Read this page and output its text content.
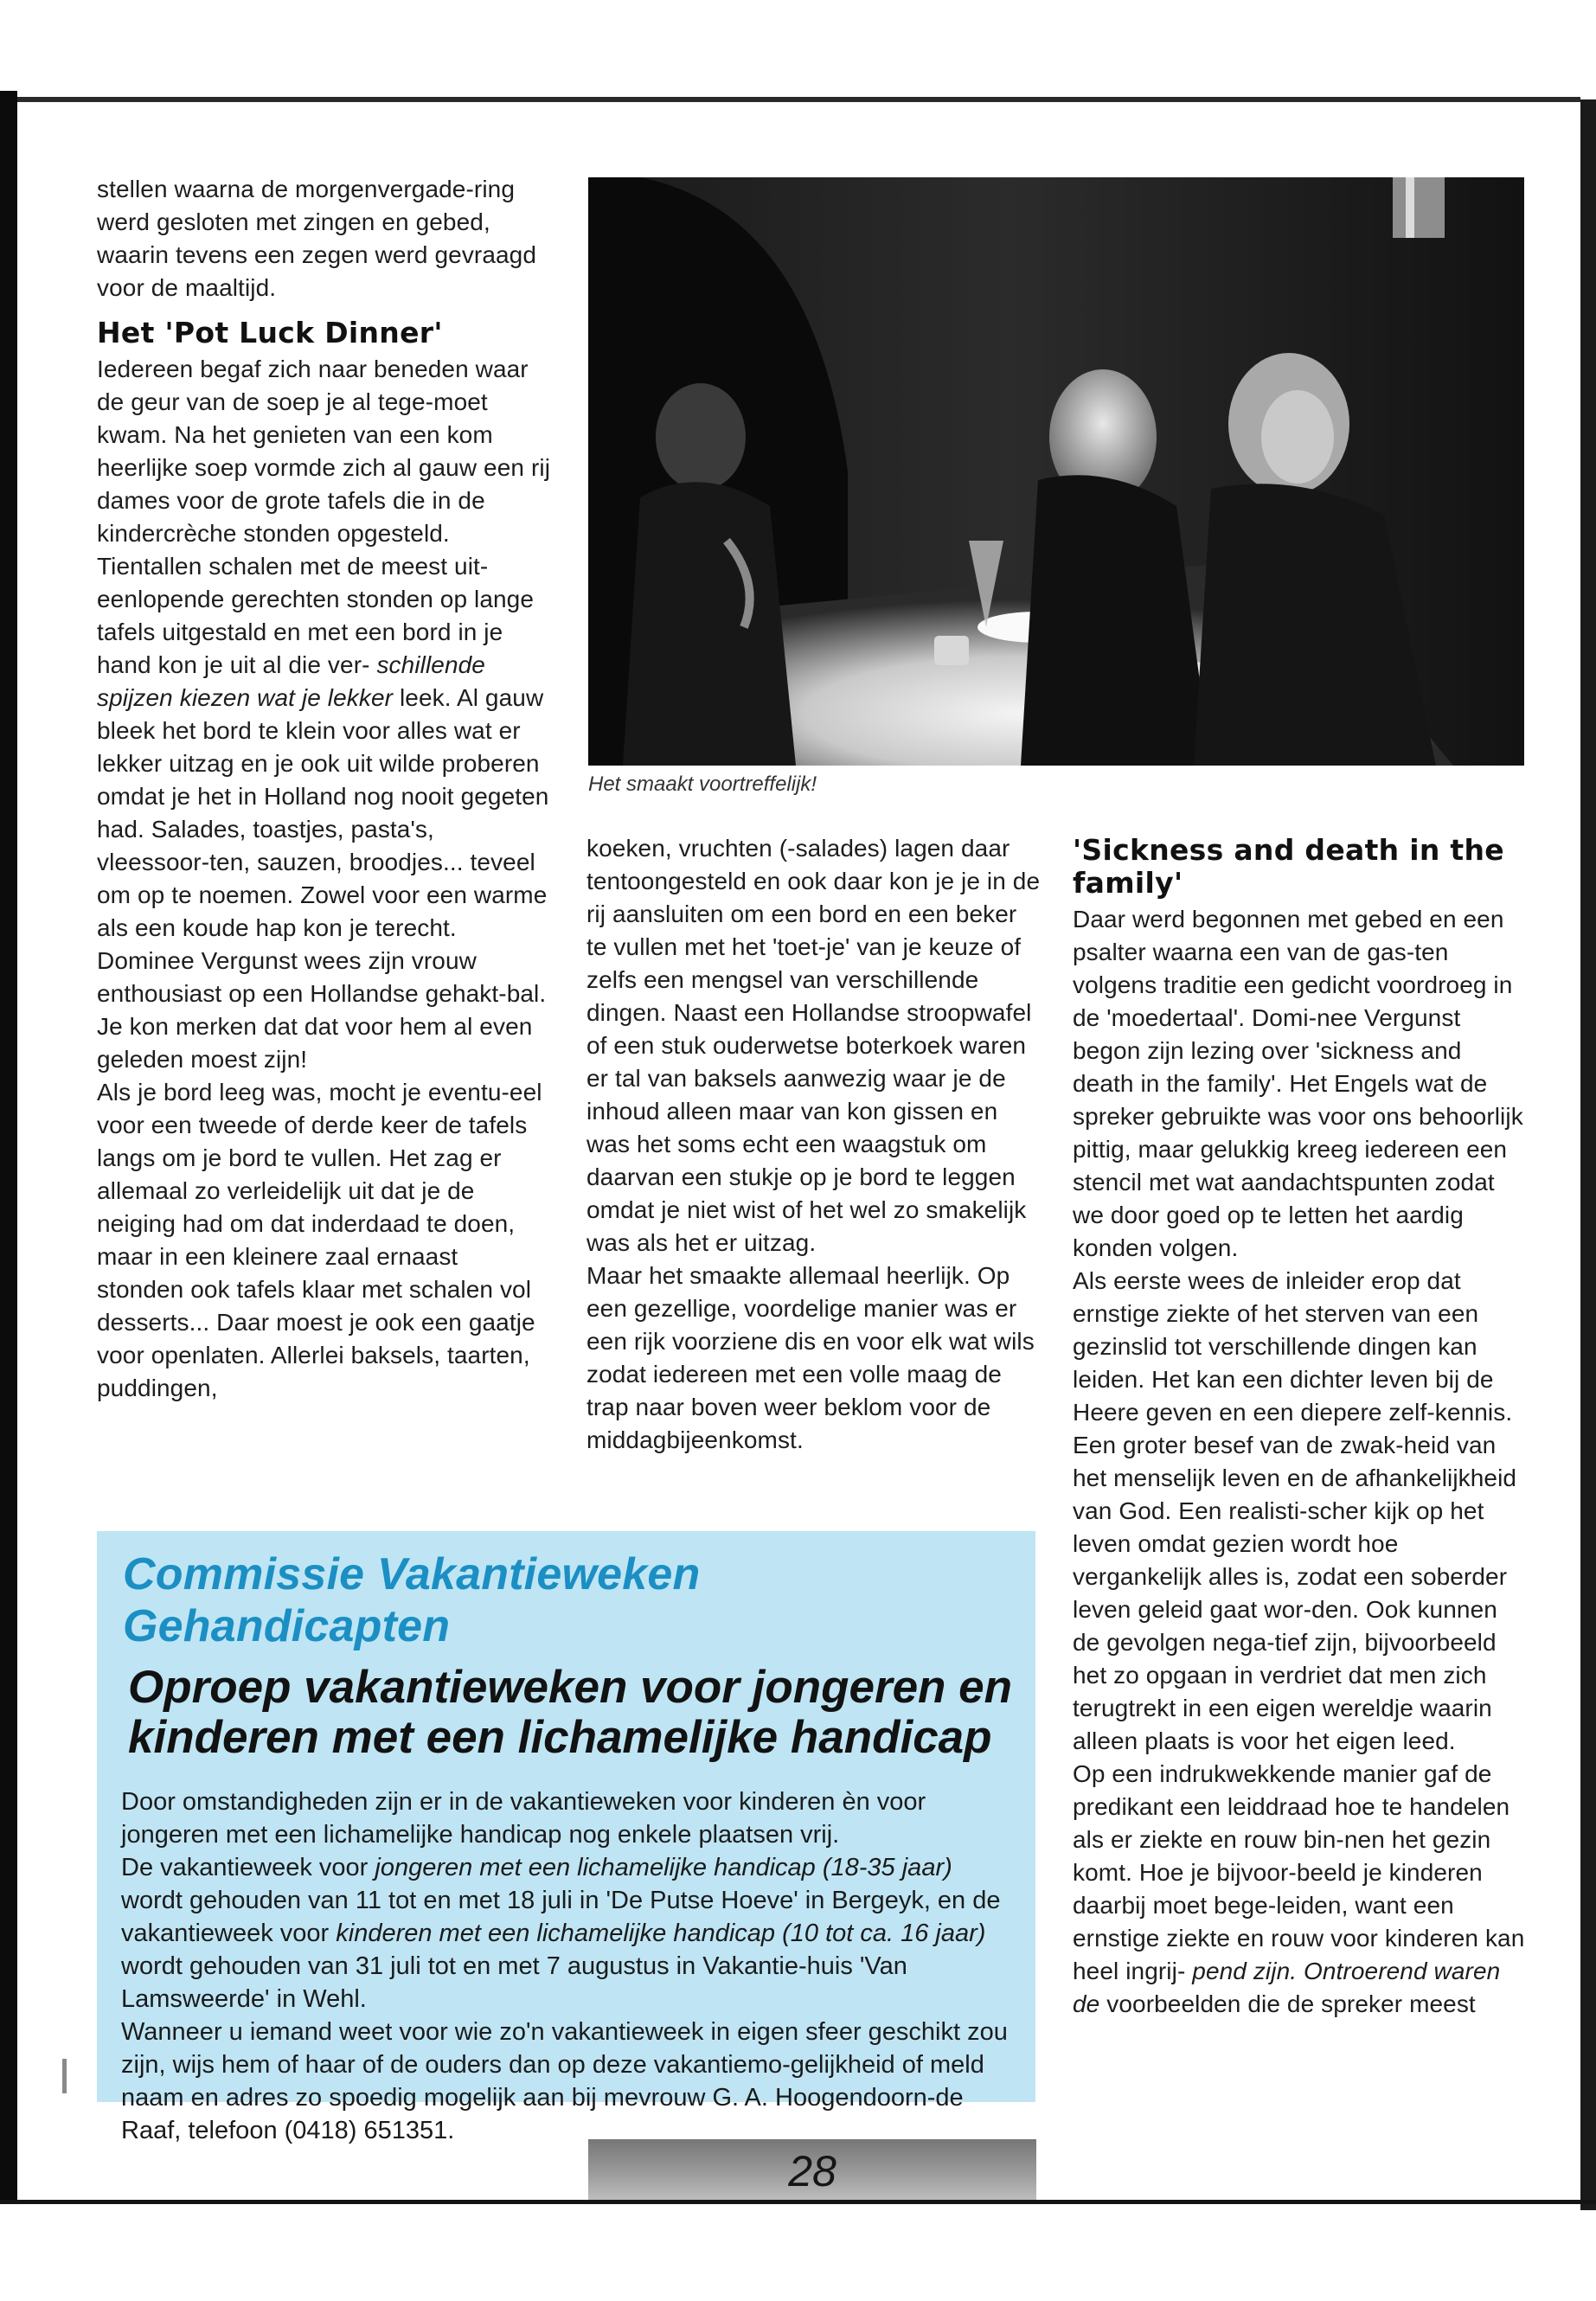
stellen waarna de morgenvergade-ring werd gesloten met zingen en gebed, waarin tevens een zegen werd gevraagd voor de maaltijd.

Het 'Pot Luck Dinner'

Iedereen begaf zich naar beneden waar de geur van de soep je al tege-moet kwam. Na het genieten van een kom heerlijke soep vormde zich al gauw een rij dames voor de grote tafels die in de kindercrèche stonden opgesteld.

Tientallen schalen met de meest uit-eenlopende gerechten stonden op lange tafels uitgestald en met een bord in je hand kon je uit al die ver- schillende spijzen kiezen wat je lekker leek. Al gauw bleek het bord te klein voor alles wat er lekker uitzag en je ook uit wilde proberen omdat je het in Holland nog nooit gegeten had. Salades, toastjes, pasta's, vleessoor-ten, sauzen, broodjes... teveel om op te noemen. Zowel voor een warme als een koude hap kon je terecht. Dominee Vergunst wees zijn vrouw enthousiast op een Hollandse gehakt-bal. Je kon merken dat dat voor hem al even geleden moest zijn!

Als je bord leeg was, mocht je eventu-eel voor een tweede of derde keer de tafels langs om je bord te vullen. Het zag er allemaal zo verleidelijk uit dat je de neiging had om dat inderdaad te doen, maar in een kleinere zaal ernaast stonden ook tafels klaar met schalen vol desserts... Daar moest je ook een gaatje voor openlaten. Allerlei baksels, taarten, puddingen,

Het smaakt voortreffelijk!

koeken, vruchten (-salades) lagen daar tentoongesteld en ook daar kon je je in de rij aansluiten om een bord en een beker te vullen met het 'toet-je' van je keuze of zelfs een mengsel van verschillende dingen. Naast een Hollandse stroopwafel of een stuk ouderwetse boterkoek waren er tal van baksels aanwezig waar je de inhoud alleen maar van kon gissen en was het soms echt een waagstuk om daarvan een stukje op je bord te leggen omdat je niet wist of het wel zo smakelijk was als het er uitzag.

Maar het smaakte allemaal heerlijk. Op een gezellige, voordelige manier was er een rijk voorziene dis en voor elk wat wils zodat iedereen met een volle maag de trap naar boven weer beklom voor de middagbijeenkomst.

'Sickness and death in the family'

Daar werd begonnen met gebed en een psalter waarna een van de gas-ten volgens traditie een gedicht voordroeg in de 'moedertaal'. Domi-nee Vergunst begon zijn lezing over 'sickness and death in the family'. Het Engels wat de spreker gebruikte was voor ons behoorlijk pittig, maar gelukkig kreeg iedereen een stencil met wat aandachtspunten zodat we door goed op te letten het aardig konden volgen.

Als eerste wees de inleider erop dat ernstige ziekte of het sterven van een gezinslid tot verschillende dingen kan leiden. Het kan een dichter leven bij de Heere geven en een diepere zelf-kennis. Een groter besef van de zwak-heid van het menselijk leven en de afhankelijkheid van God. Een realisti-scher kijk op het leven omdat gezien wordt hoe vergankelijk alles is, zodat een soberder leven geleid gaat wor-den. Ook kunnen de gevolgen nega-tief zijn, bijvoorbeeld het zo opgaan in verdriet dat men zich terugtrekt in een eigen wereldje waarin alleen plaats is voor het eigen leed.

Op een indrukwekkende manier gaf de predikant een leiddraad hoe te handelen als er ziekte en rouw bin-nen het gezin komt. Hoe je bijvoor-beeld je kinderen daarbij moet bege-leiden, want een ernstige ziekte en rouw voor kinderen kan heel ingrij- pend zijn. Ontroerend waren de voorbeelden die de spreker meest

Commissie Vakantieweken Gehandicapten
Oproep vakantieweken voor jongeren en kinderen met een lichamelijke handicap

Door omstandigheden zijn er in de vakantieweken voor kinderen èn voor jongeren met een lichamelijke handicap nog enkele plaatsen vrij.

De vakantieweek voor jongeren met een lichamelijke handicap (18-35 jaar) wordt gehouden van 11 tot en met 18 juli in 'De Putse Hoeve' in Bergeyk, en de vakantieweek voor kinderen met een lichamelijke handicap (10 tot ca. 16 jaar) wordt gehouden van 31 juli tot en met 7 augustus in Vakantie-huis 'Van Lamsweerde' in Wehl.

Wanneer u iemand weet voor wie zo'n vakantieweek in eigen sfeer geschikt zou zijn, wijs hem of haar of de ouders dan op deze vakantiemo-gelijkheid of meld naam en adres zo spoedig mogelijk aan bij mevrouw G. A. Hoogendoorn-de Raaf, telefoon (0418) 651351.

28
